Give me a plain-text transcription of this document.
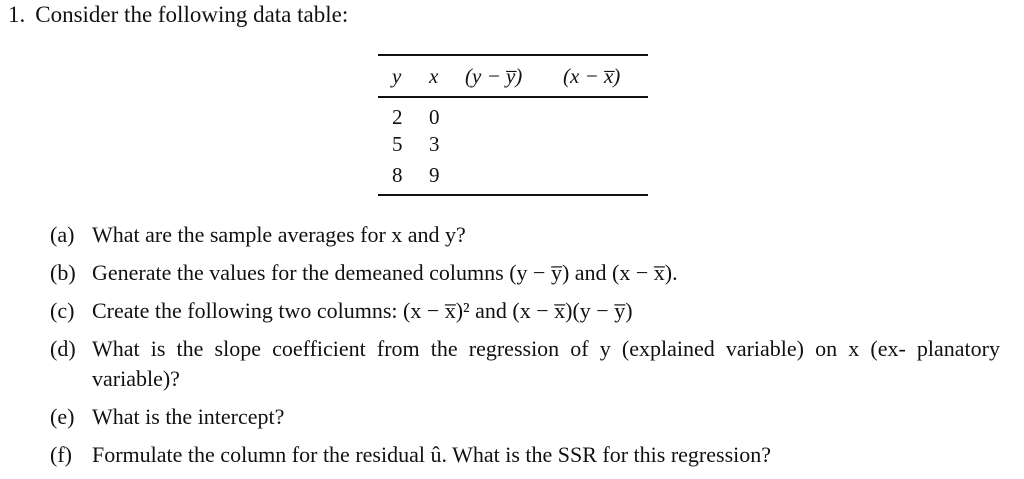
1. Consider the following data table:
y	x	(y − y̅)	(x − x̅)
2	0		
5	3		
8	9		
(a) What are the sample averages for x and y?
(b) Generate the values for the demeaned columns (y − y̅) and (x − x̅).
(c) Create the following two columns: (x − x̅)² and (x − x̅)(y − y̅)
(d) What is the slope coefficient from the regression of y (explained variable) on x (ex- planatory variable)?
(e) What is the intercept?
(f) Formulate the column for the residual û. What is the SSR for this regression?
